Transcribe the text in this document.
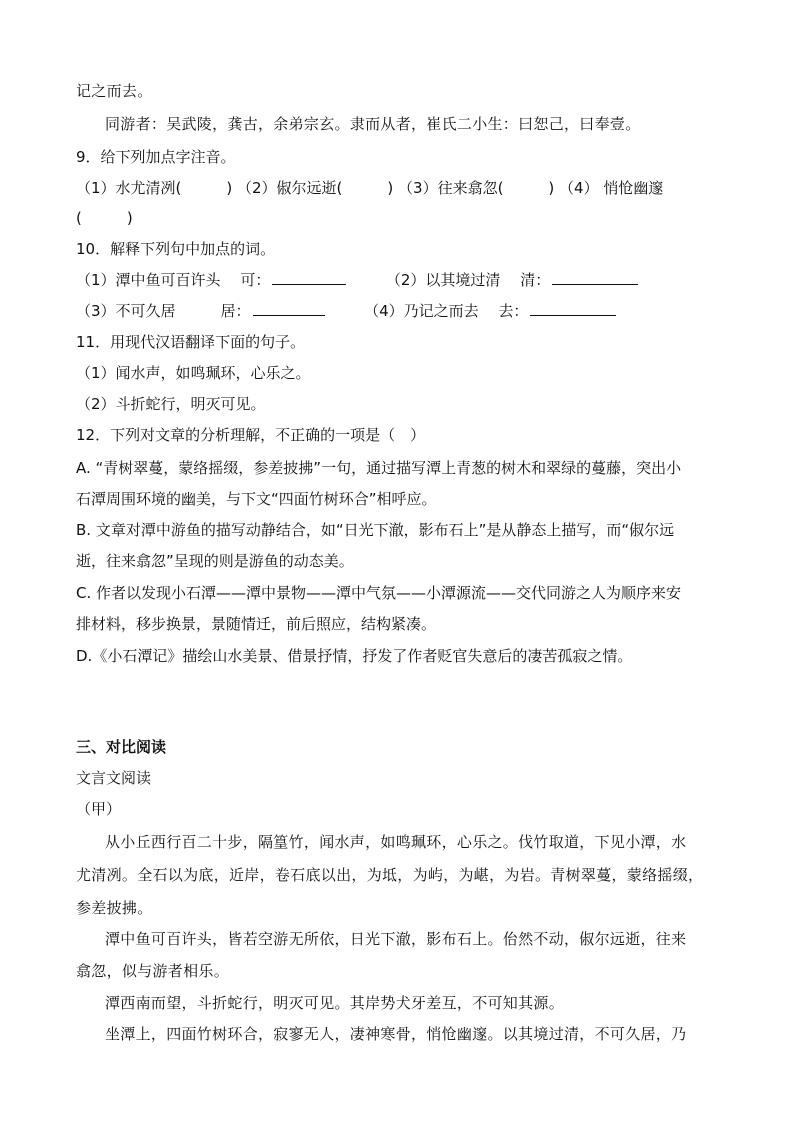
记之而去。
同游者：吴武陵，龚古，余弟宗玄。隶而从者，崔氏二小生：曰恕己，曰奉壹。
9．给下列加点字注音。
（1）水尤清冽(　　　) （2）俶尔远逝(　　　) （3）往来翕忽(　　　) （4） 悄怆幽邃
(　　　)
10．解释下列句中加点的词。
（1）潭中鱼可百许头　 可：	（2）以其境过清　 清：
（3）不可久居　　　居：	（4）乃记之而去　 去：
11．用现代汉语翻译下面的句子。
（1）闻水声，如鸣珮环，心乐之。
（2）斗折蛇行，明灭可见。
12．下列对文章的分析理解，不正确的一项是（　）
A. “青树翠蔓，蒙络摇缀，参差披拂”一句，通过描写潭上青葱的树木和翠绿的蔓藤，突出小
石潭周围环境的幽美，与下文“四面竹树环合”相呼应。
B. 文章对潭中游鱼的描写动静结合，如“日光下澈，影布石上”是从静态上描写，而“俶尔远
逝，往来翕忽”呈现的则是游鱼的动态美。
C. 作者以发现小石潭——潭中景物——潭中气氛——小潭源流——交代同游之人为顺序来安
排材料，移步换景，景随情迁，前后照应，结构紧凑。
D.《小石潭记》描绘山水美景、借景抒情，抒发了作者贬官失意后的凄苦孤寂之情。
三、对比阅读
文言文阅读
（甲）
从小丘西行百二十步，隔篁竹，闻水声，如鸣珮环，心乐之。伐竹取道，下见小潭，水
尤清冽。全石以为底，近岸，卷石底以出，为坻，为屿，为嵁，为岩。青树翠蔓，蒙络摇缀，
参差披拂。
潭中鱼可百许头，皆若空游无所依，日光下澈，影布石上。佁然不动，俶尔远逝，往来
翕忽，似与游者相乐。
潭西南而望，斗折蛇行，明灭可见。其岸势犬牙差互，不可知其源。
坐潭上，四面竹树环合，寂寥无人，凄神寒骨，悄怆幽邃。以其境过清，不可久居，乃
